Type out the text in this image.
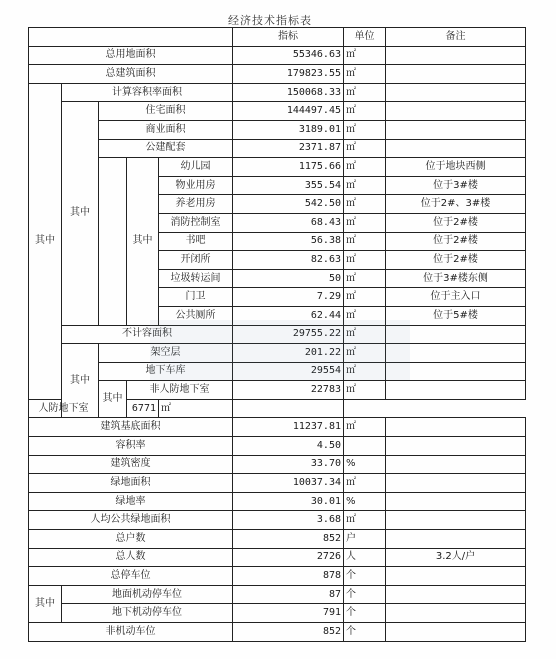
经济技术指标表
					指标	单位	备注
总用地面积					55346.63	㎡	
总建筑面积					179823.55	㎡	
其中	计算容积率面积				150068.33	㎡	
	其中	住宅面积			144497.45	㎡	
		商业面积			3189.01	㎡	
		公建配套			2371.87	㎡	
			其中	幼儿园	1175.66	㎡	位于地块西侧
				物业用房	355.54	㎡	位于3#楼
				养老用房	542.50	㎡	位于2#、3#楼
				消防控制室	68.43	㎡	位于2#楼
				书吧	56.38	㎡	位于2#楼
				开闭所	82.63	㎡	位于2#楼
				垃圾转运间	50	㎡	位于3#楼东侧
				门卫	7.29	㎡	位于主入口
				公共厕所	62.44	㎡	位于5#楼
	不计容面积				29755.22	㎡	
	其中	架空层			201.22	㎡	
		地下车库			29554	㎡	
		其中	非人防地下室		22783	㎡	
人防地下室			6771	㎡			
建筑基底面积					11237.81	㎡	
容积率					4.50		
建筑密度					33.70	%	
绿地面积					10037.34	㎡	
绿地率					30.01	%	
人均公共绿地面积					3.68	㎡	
总户数					852	户	
总人数					2726	人	3.2人/户
总停车位					878	个	
其中	地面机动停车位				87	个	
	地下机动停车位				791	个	
非机动车位					852	个	
